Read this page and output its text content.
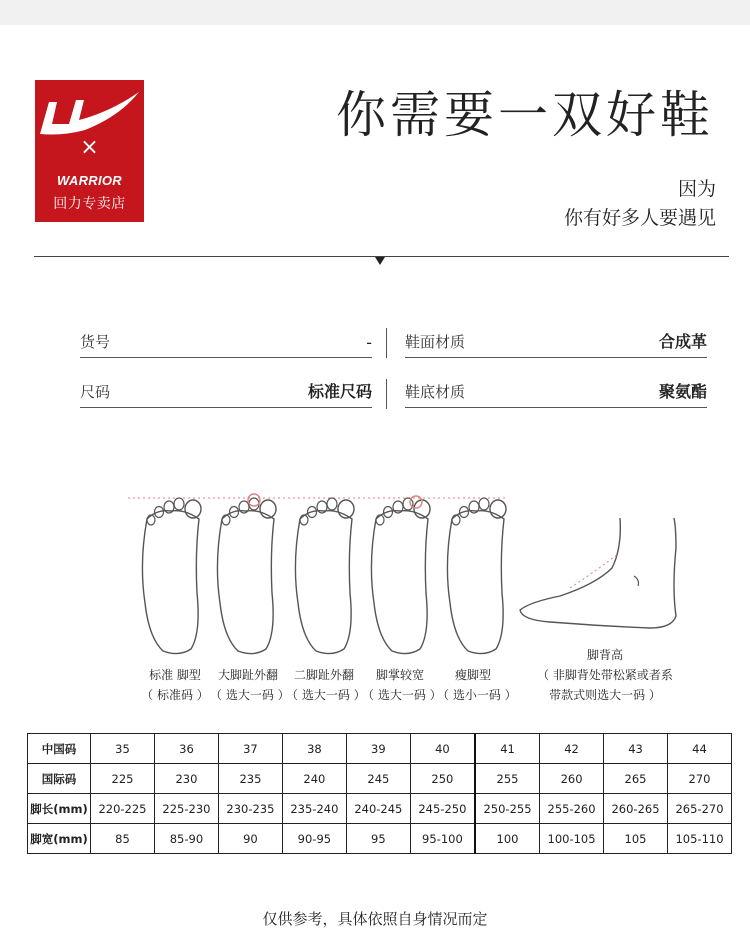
×
WARRIOR
回力专卖店
你需要一双好鞋
因为
你有好多人要遇见
货号	- 鞋面材质	合成革
尺码	标准尺码 鞋底材质	聚氨酯
标准 脚型
（ 标准码 ）
大脚趾外翻
（ 选大一码 ）
二脚趾外翻
（ 选大一码 ）
脚掌较宽
（ 选大一码 ）
瘦脚型
（ 选小一码 ）
脚背高
（ 非脚背处带松紧或者系
带款式则选大一码 ）
中国码	35	36	37	38	39	40	41	42	43	44
国际码	225	230	235	240	245	250	255	260	265	270
脚长(mm)	220-225	225-230	230-235	235-240	240-245	245-250	250-255	255-260	260-265	265-270
脚宽(mm)	85	85-90	90	90-95	95	95-100	100	100-105	105	105-110
仅供参考，具体依照自身情况而定
